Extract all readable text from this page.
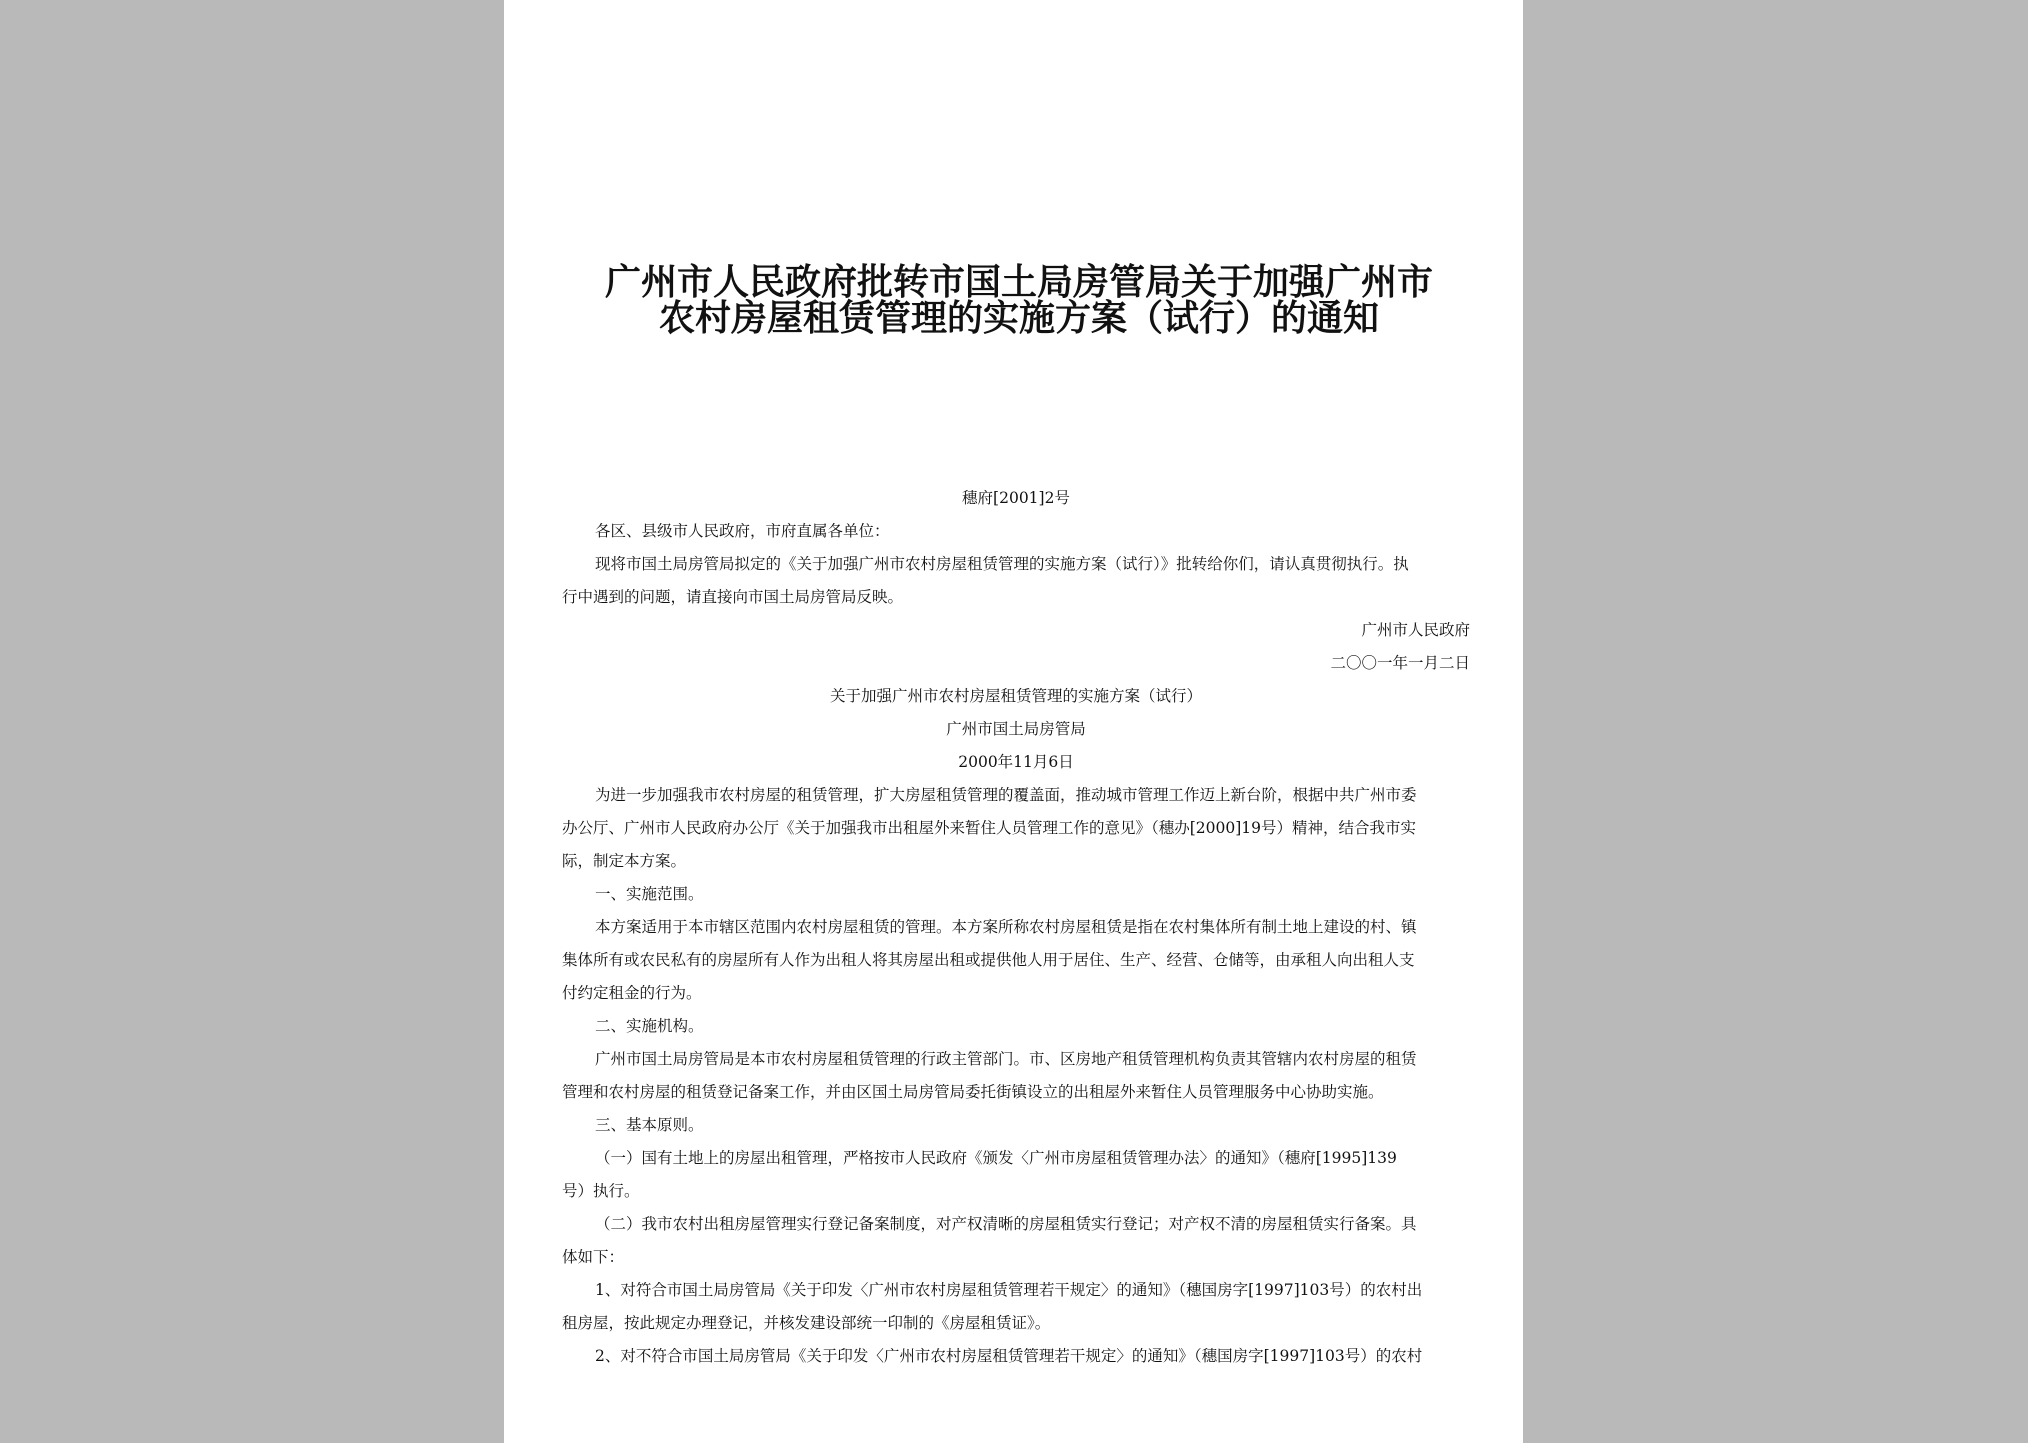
广州市人民政府批转市国土局房管局关于加强广州市
农村房屋租赁管理的实施方案（试行）的通知
穗府[2001]2号
各区、县级市人民政府，市府直属各单位：
现将市国土局房管局拟定的《关于加强广州市农村房屋租赁管理的实施方案（试行）》批转给你们，请认真贯彻执行。执
行中遇到的问题，请直接向市国土局房管局反映。
广州市人民政府
二〇〇一年一月二日
关于加强广州市农村房屋租赁管理的实施方案（试行）
广州市国土局房管局
2000年11月6日
为进一步加强我市农村房屋的租赁管理，扩大房屋租赁管理的覆盖面，推动城市管理工作迈上新台阶，根据中共广州市委
办公厅、广州市人民政府办公厅《关于加强我市出租屋外来暂住人员管理工作的意见》（穗办[2000]19号）精神，结合我市实
际，制定本方案。
一、实施范围。
本方案适用于本市辖区范围内农村房屋租赁的管理。本方案所称农村房屋租赁是指在农村集体所有制土地上建设的村、镇
集体所有或农民私有的房屋所有人作为出租人将其房屋出租或提供他人用于居住、生产、经营、仓储等，由承租人向出租人支
付约定租金的行为。
二、实施机构。
广州市国土局房管局是本市农村房屋租赁管理的行政主管部门。市、区房地产租赁管理机构负责其管辖内农村房屋的租赁
管理和农村房屋的租赁登记备案工作，并由区国土局房管局委托街镇设立的出租屋外来暂住人员管理服务中心协助实施。
三、基本原则。
（一）国有土地上的房屋出租管理，严格按市人民政府《颁发〈广州市房屋租赁管理办法〉的通知》（穗府[1995]139
号）执行。
（二）我市农村出租房屋管理实行登记备案制度，对产权清晰的房屋租赁实行登记；对产权不清的房屋租赁实行备案。具
体如下：
1、对符合市国土局房管局《关于印发〈广州市农村房屋租赁管理若干规定〉的通知》（穗国房字[1997]103号）的农村出
租房屋，按此规定办理登记，并核发建设部统一印制的《房屋租赁证》。
2、对不符合市国土局房管局《关于印发〈广州市农村房屋租赁管理若干规定〉的通知》（穗国房字[1997]103号）的农村
